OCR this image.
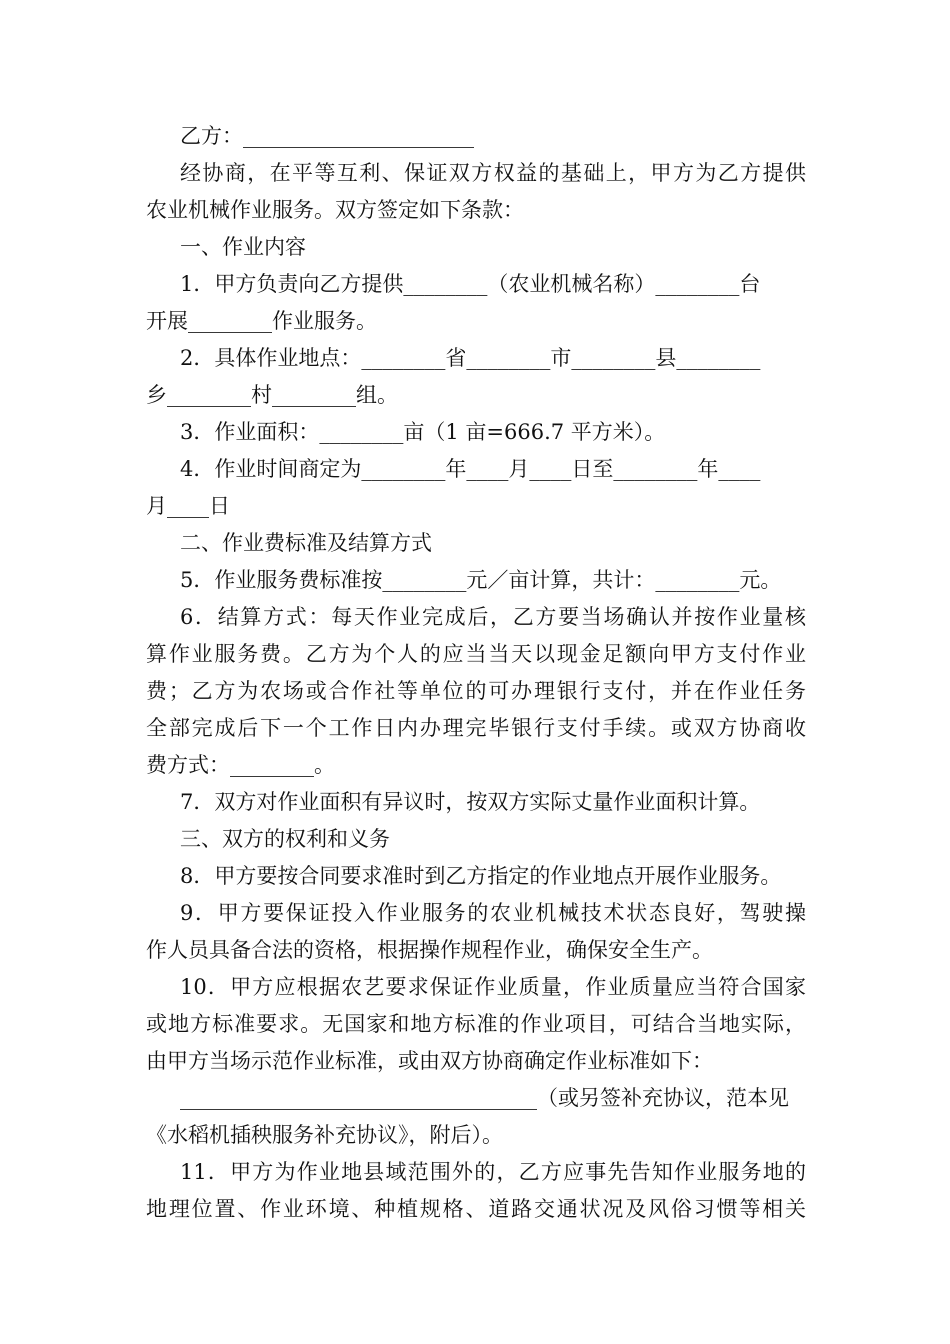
乙方：______________________
经协商，在平等互利、保证双方权益的基础上，甲方为乙方提供
农业机械作业服务。双方签定如下条款：
一、作业内容
1．甲方负责向乙方提供________（农业机械名称）________台
开展________作业服务。
2．具体作业地点：________省________市________县________
乡________村________组。
3．作业面积：________亩（1 亩=666.7 平方米）。
4．作业时间商定为________年____月____日至________年____
月____日
二、作业费标准及结算方式
5．作业服务费标准按________元／亩计算，共计：________元。
6．结算方式：每天作业完成后，乙方要当场确认并按作业量核
算作业服务费。乙方为个人的应当当天以现金足额向甲方支付作业
费；乙方为农场或合作社等单位的可办理银行支付，并在作业任务
全部完成后下一个工作日内办理完毕银行支付手续。或双方协商收
费方式：________。
7．双方对作业面积有异议时，按双方实际丈量作业面积计算。
三、双方的权利和义务
8．甲方要按合同要求准时到乙方指定的作业地点开展作业服务。
9．甲方要保证投入作业服务的农业机械技术状态良好，驾驶操
作人员具备合法的资格，根据操作规程作业，确保安全生产。
10．甲方应根据农艺要求保证作业质量，作业质量应当符合国家
或地方标准要求。无国家和地方标准的作业项目，可结合当地实际，
由甲方当场示范作业标准，或由双方协商确定作业标准如下：
__________________________________（或另签补充协议，范本见
《水稻机插秧服务补充协议》，附后）。
11．甲方为作业地县域范围外的，乙方应事先告知作业服务地的
地理位置、作业环境、种植规格、道路交通状况及风俗习惯等相关
